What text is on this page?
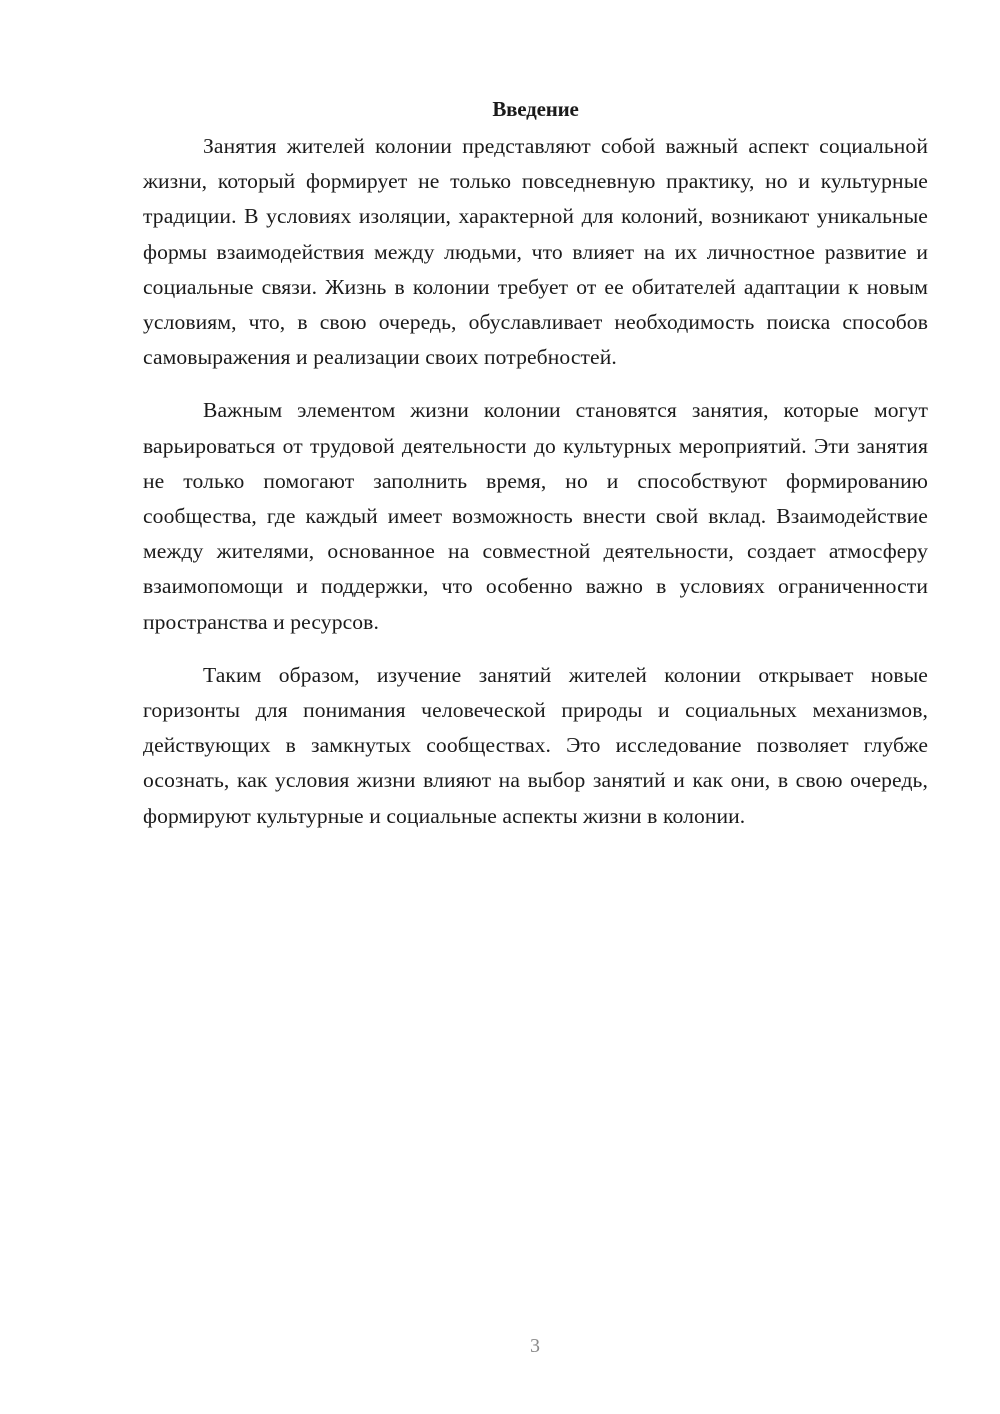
Введение

Занятия жителей колонии представляют собой важный аспект социальной жизни, который формирует не только повседневную практику, но и культурные традиции. В условиях изоляции, характерной для колоний, возникают уникальные формы взаимодействия между людьми, что влияет на их личностное развитие и социальные связи. Жизнь в колонии требует от ее обитателей адаптации к новым условиям, что, в свою очередь, обуславливает необходимость поиска способов самовыражения и реализации своих потребностей.

Важным элементом жизни колонии становятся занятия, которые могут варьироваться от трудовой деятельности до культурных мероприятий. Эти занятия не только помогают заполнить время, но и способствуют формированию сообщества, где каждый имеет возможность внести свой вклад. Взаимодействие между жителями, основанное на совместной деятельности, создает атмосферу взаимопомощи и поддержки, что особенно важно в условиях ограниченности пространства и ресурсов.

Таким образом, изучение занятий жителей колонии открывает новые горизонты для понимания человеческой природы и социальных механизмов, действующих в замкнутых сообществах. Это исследование позволяет глубже осознать, как условия жизни влияют на выбор занятий и как они, в свою очередь, формируют культурные и социальные аспекты жизни в колонии.

3
